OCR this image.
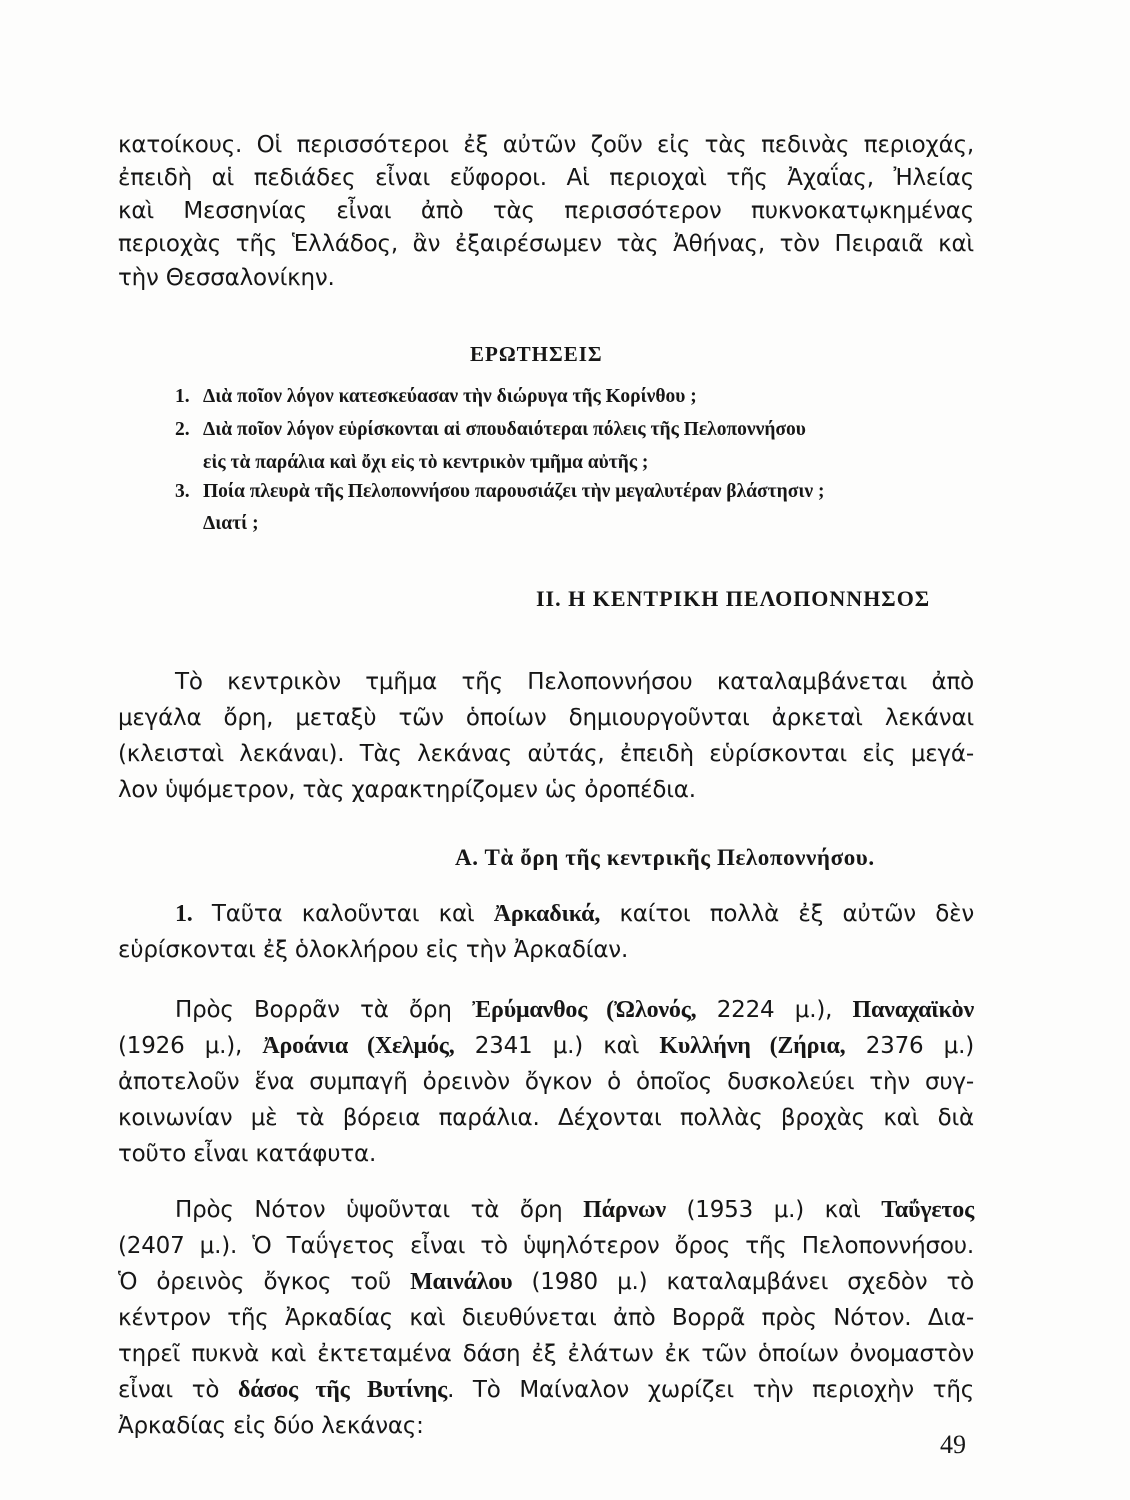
κατοίκους. Οἱ περισσότεροι ἐξ αὐτῶν ζοῦν εἰς τὰς πεδινὰς περιοχάς,
ἐπειδὴ αἱ πεδιάδες εἶναι εὔφοροι. Αἱ περιοχαὶ τῆς Ἀχαΐας, Ἠλείας
καὶ Μεσσηνίας εἶναι ἀπὸ τὰς περισσότερον πυκνοκατῳκημένας
περιοχὰς τῆς Ἑλλάδος, ἂν ἐξαιρέσωμεν τὰς Ἀθήνας, τὸν Πειραιᾶ καὶ
τὴν Θεσσαλονίκην.
ΕΡΩΤΗΣΕΙΣ
1. Διὰ ποῖον λόγον κατεσκεύασαν τὴν διώρυγα τῆς Κορίνθου ;
2. Διὰ ποῖον λόγον εὑρίσκονται αἱ σπουδαιότεραι πόλεις τῆς Πελοποννήσου
εἰς τὰ παράλια καὶ ὄχι εἰς τὸ κεντρικὸν τμῆμα αὐτῆς ;
3. Ποία πλευρὰ τῆς Πελοποννήσου παρουσιάζει τὴν μεγαλυτέραν βλάστησιν ;
Διατί ;
ΙΙ. Η ΚΕΝΤΡΙΚΗ ΠΕΛΟΠΟΝΝΗΣΟΣ
Τὸ κεντρικὸν τμῆμα τῆς Πελοποννήσου καταλαμβάνεται ἀπὸ
μεγάλα ὄρη, μεταξὺ τῶν ὁποίων δημιουργοῦνται ἀρκεταὶ λεκάναι
(κλεισταὶ λεκάναι). Τὰς λεκάνας αὐτάς, ἐπειδὴ εὑρίσκονται εἰς μεγά-
λον ὑψόμετρον, τὰς χαρακτηρίζομεν ὡς ὀροπέδια.
Α. Τὰ ὄρη τῆς κεντρικῆς Πελοποννήσου.
1. Ταῦτα καλοῦνται καὶ Ἀρκαδικά, καίτοι πολλὰ ἐξ αὐτῶν δὲν
εὑρίσκονται ἐξ ὁλοκλήρου εἰς τὴν Ἀρκαδίαν.
Πρὸς Βορρᾶν τὰ ὄρη Ἐρύμανθος (Ὠλονός, 2224 μ.), Παναχαϊκὸν
(1926 μ.), Ἀροάνια (Χελμός, 2341 μ.) καὶ Κυλλήνη (Ζήρια, 2376 μ.)
ἀποτελοῦν ἕνα συμπαγῆ ὀρεινὸν ὄγκον ὁ ὁποῖος δυσκολεύει τὴν συγ-
κοινωνίαν μὲ τὰ βόρεια παράλια. Δέχονται πολλὰς βροχὰς καὶ διὰ
τοῦτο εἶναι κατάφυτα.
Πρὸς Νότον ὑψοῦνται τὰ ὄρη Πάρνων (1953 μ.) καὶ Ταΰγετος
(2407 μ.). Ὁ Ταΰγετος εἶναι τὸ ὑψηλότερον ὄρος τῆς Πελοποννήσου.
Ὁ ὀρεινὸς ὄγκος τοῦ Μαινάλου (1980 μ.) καταλαμβάνει σχεδὸν τὸ
κέντρον τῆς Ἀρκαδίας καὶ διευθύνεται ἀπὸ Βορρᾶ πρὸς Νότον. Δια-
τηρεῖ πυκνὰ καὶ ἐκτεταμένα δάση ἐξ ἐλάτων ἐκ τῶν ὁποίων ὀνομαστὸν
εἶναι τὸ δάσος τῆς Βυτίνης. Τὸ Μαίναλον χωρίζει τὴν περιοχὴν τῆς
Ἀρκαδίας εἰς δύο λεκάνας:
49
